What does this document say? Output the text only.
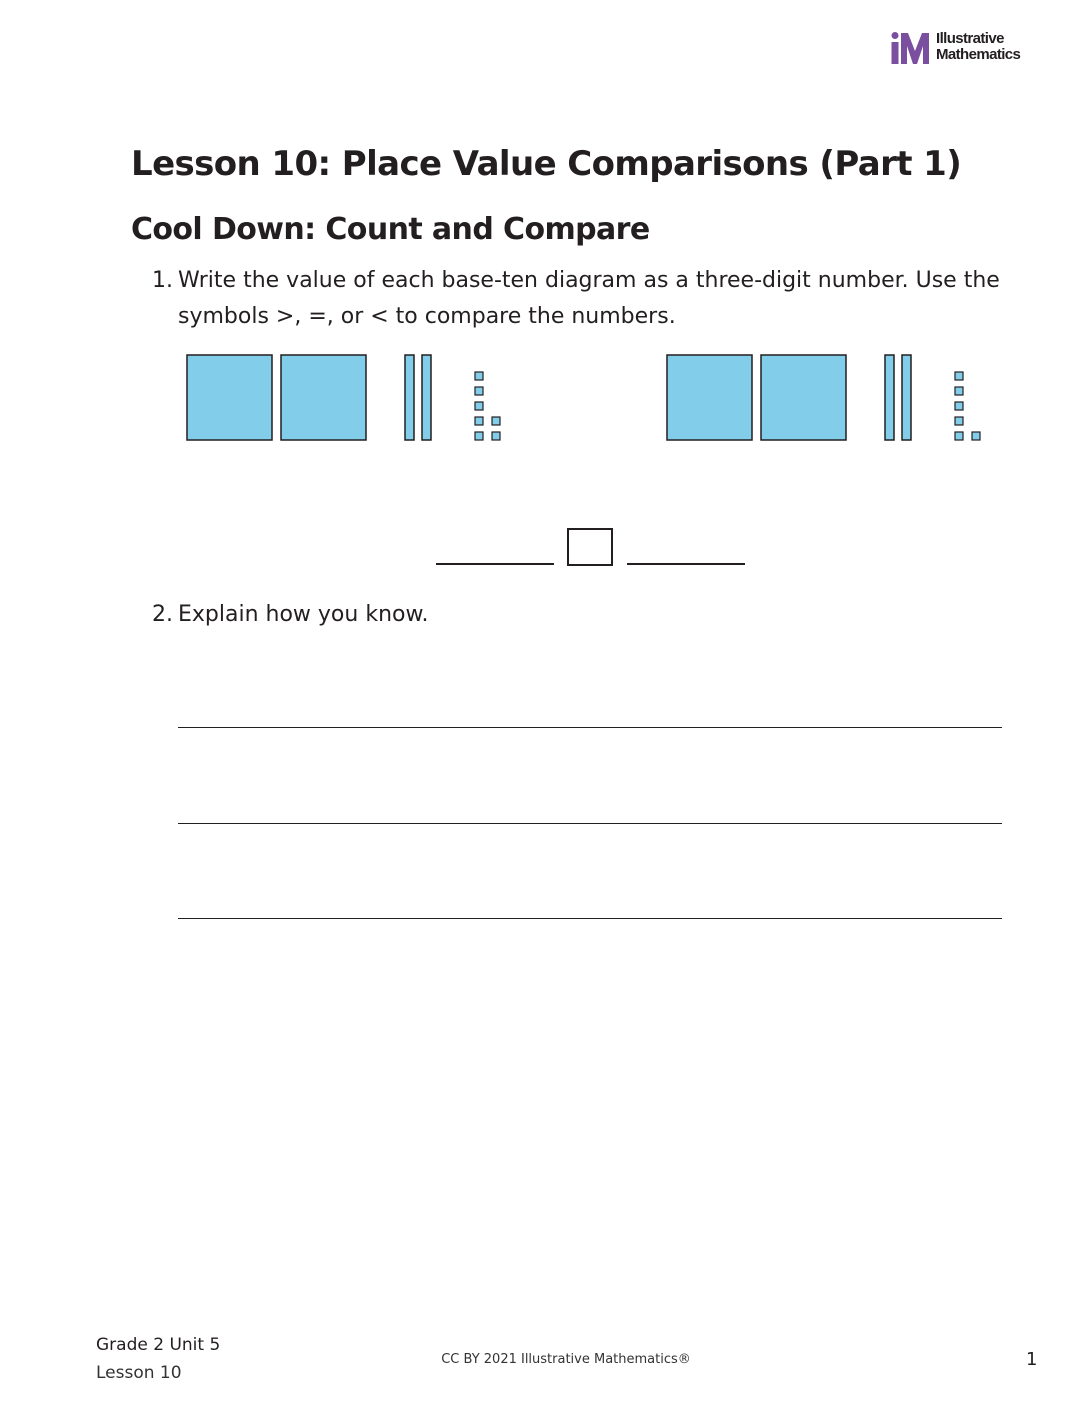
Illustrative
Mathematics
Lesson 10: Place Value Comparisons (Part 1)
Cool Down: Count and Compare
1. Write the value of each base-ten diagram as a three-digit number. Use the symbols >, =, or < to compare the numbers.
2. Explain how you know.
Grade 2 Unit 5
Lesson 10
CC BY 2021 Illustrative Mathematics®	1
